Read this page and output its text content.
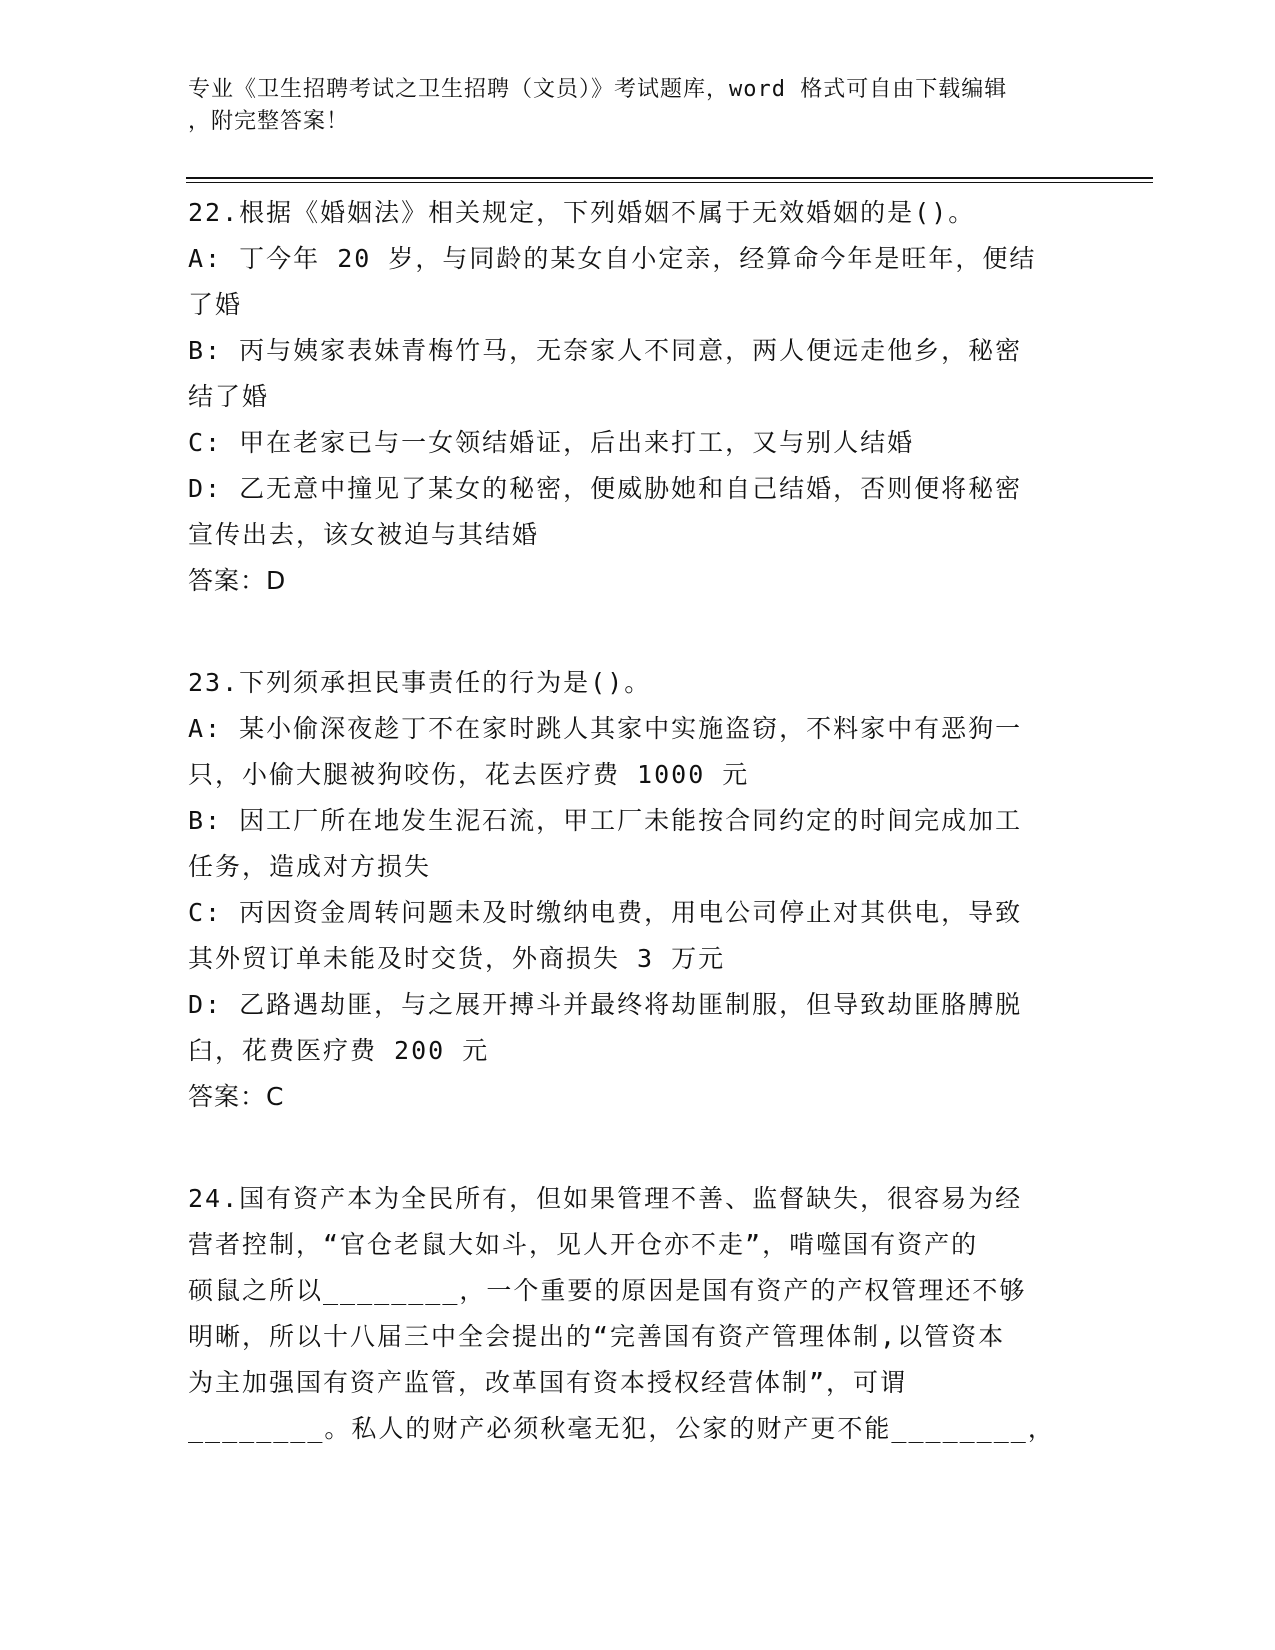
专业《卫生招聘考试之卫生招聘（文员）》考试题库，word 格式可自由下载编辑
，附完整答案！
22.根据《婚姻法》相关规定，下列婚姻不属于无效婚姻的是()。
A: 丁今年 20 岁，与同龄的某女自小定亲，经算命今年是旺年，便结
了婚
B: 丙与姨家表妹青梅竹马，无奈家人不同意，两人便远走他乡，秘密
结了婚
C: 甲在老家已与一女领结婚证，后出来打工，又与别人结婚
D: 乙无意中撞见了某女的秘密，便威胁她和自己结婚，否则便将秘密
宣传出去，该女被迫与其结婚
答案：D
23.下列须承担民事责任的行为是()。
A: 某小偷深夜趁丁不在家时跳人其家中实施盗窃，不料家中有恶狗一
只，小偷大腿被狗咬伤，花去医疗费 1000 元
B: 因工厂所在地发生泥石流，甲工厂未能按合同约定的时间完成加工
任务，造成对方损失
C: 丙因资金周转问题未及时缴纳电费，用电公司停止对其供电，导致
其外贸订单未能及时交货，外商损失 3 万元
D: 乙路遇劫匪，与之展开搏斗并最终将劫匪制服，但导致劫匪胳膊脱
臼，花费医疗费 200 元
答案：C
24.国有资产本为全民所有，但如果管理不善、监督缺失，很容易为经
营者控制，“官仓老鼠大如斗，见人开仓亦不走”，啃噬国有资产的
硕鼠之所以________，一个重要的原因是国有资产的产权管理还不够
明晰，所以十八届三中全会提出的“完善国有资产管理体制,以管资本
为主加强国有资产监管，改革国有资本授权经营体制”，可谓
________。私人的财产必须秋毫无犯，公家的财产更不能________，
